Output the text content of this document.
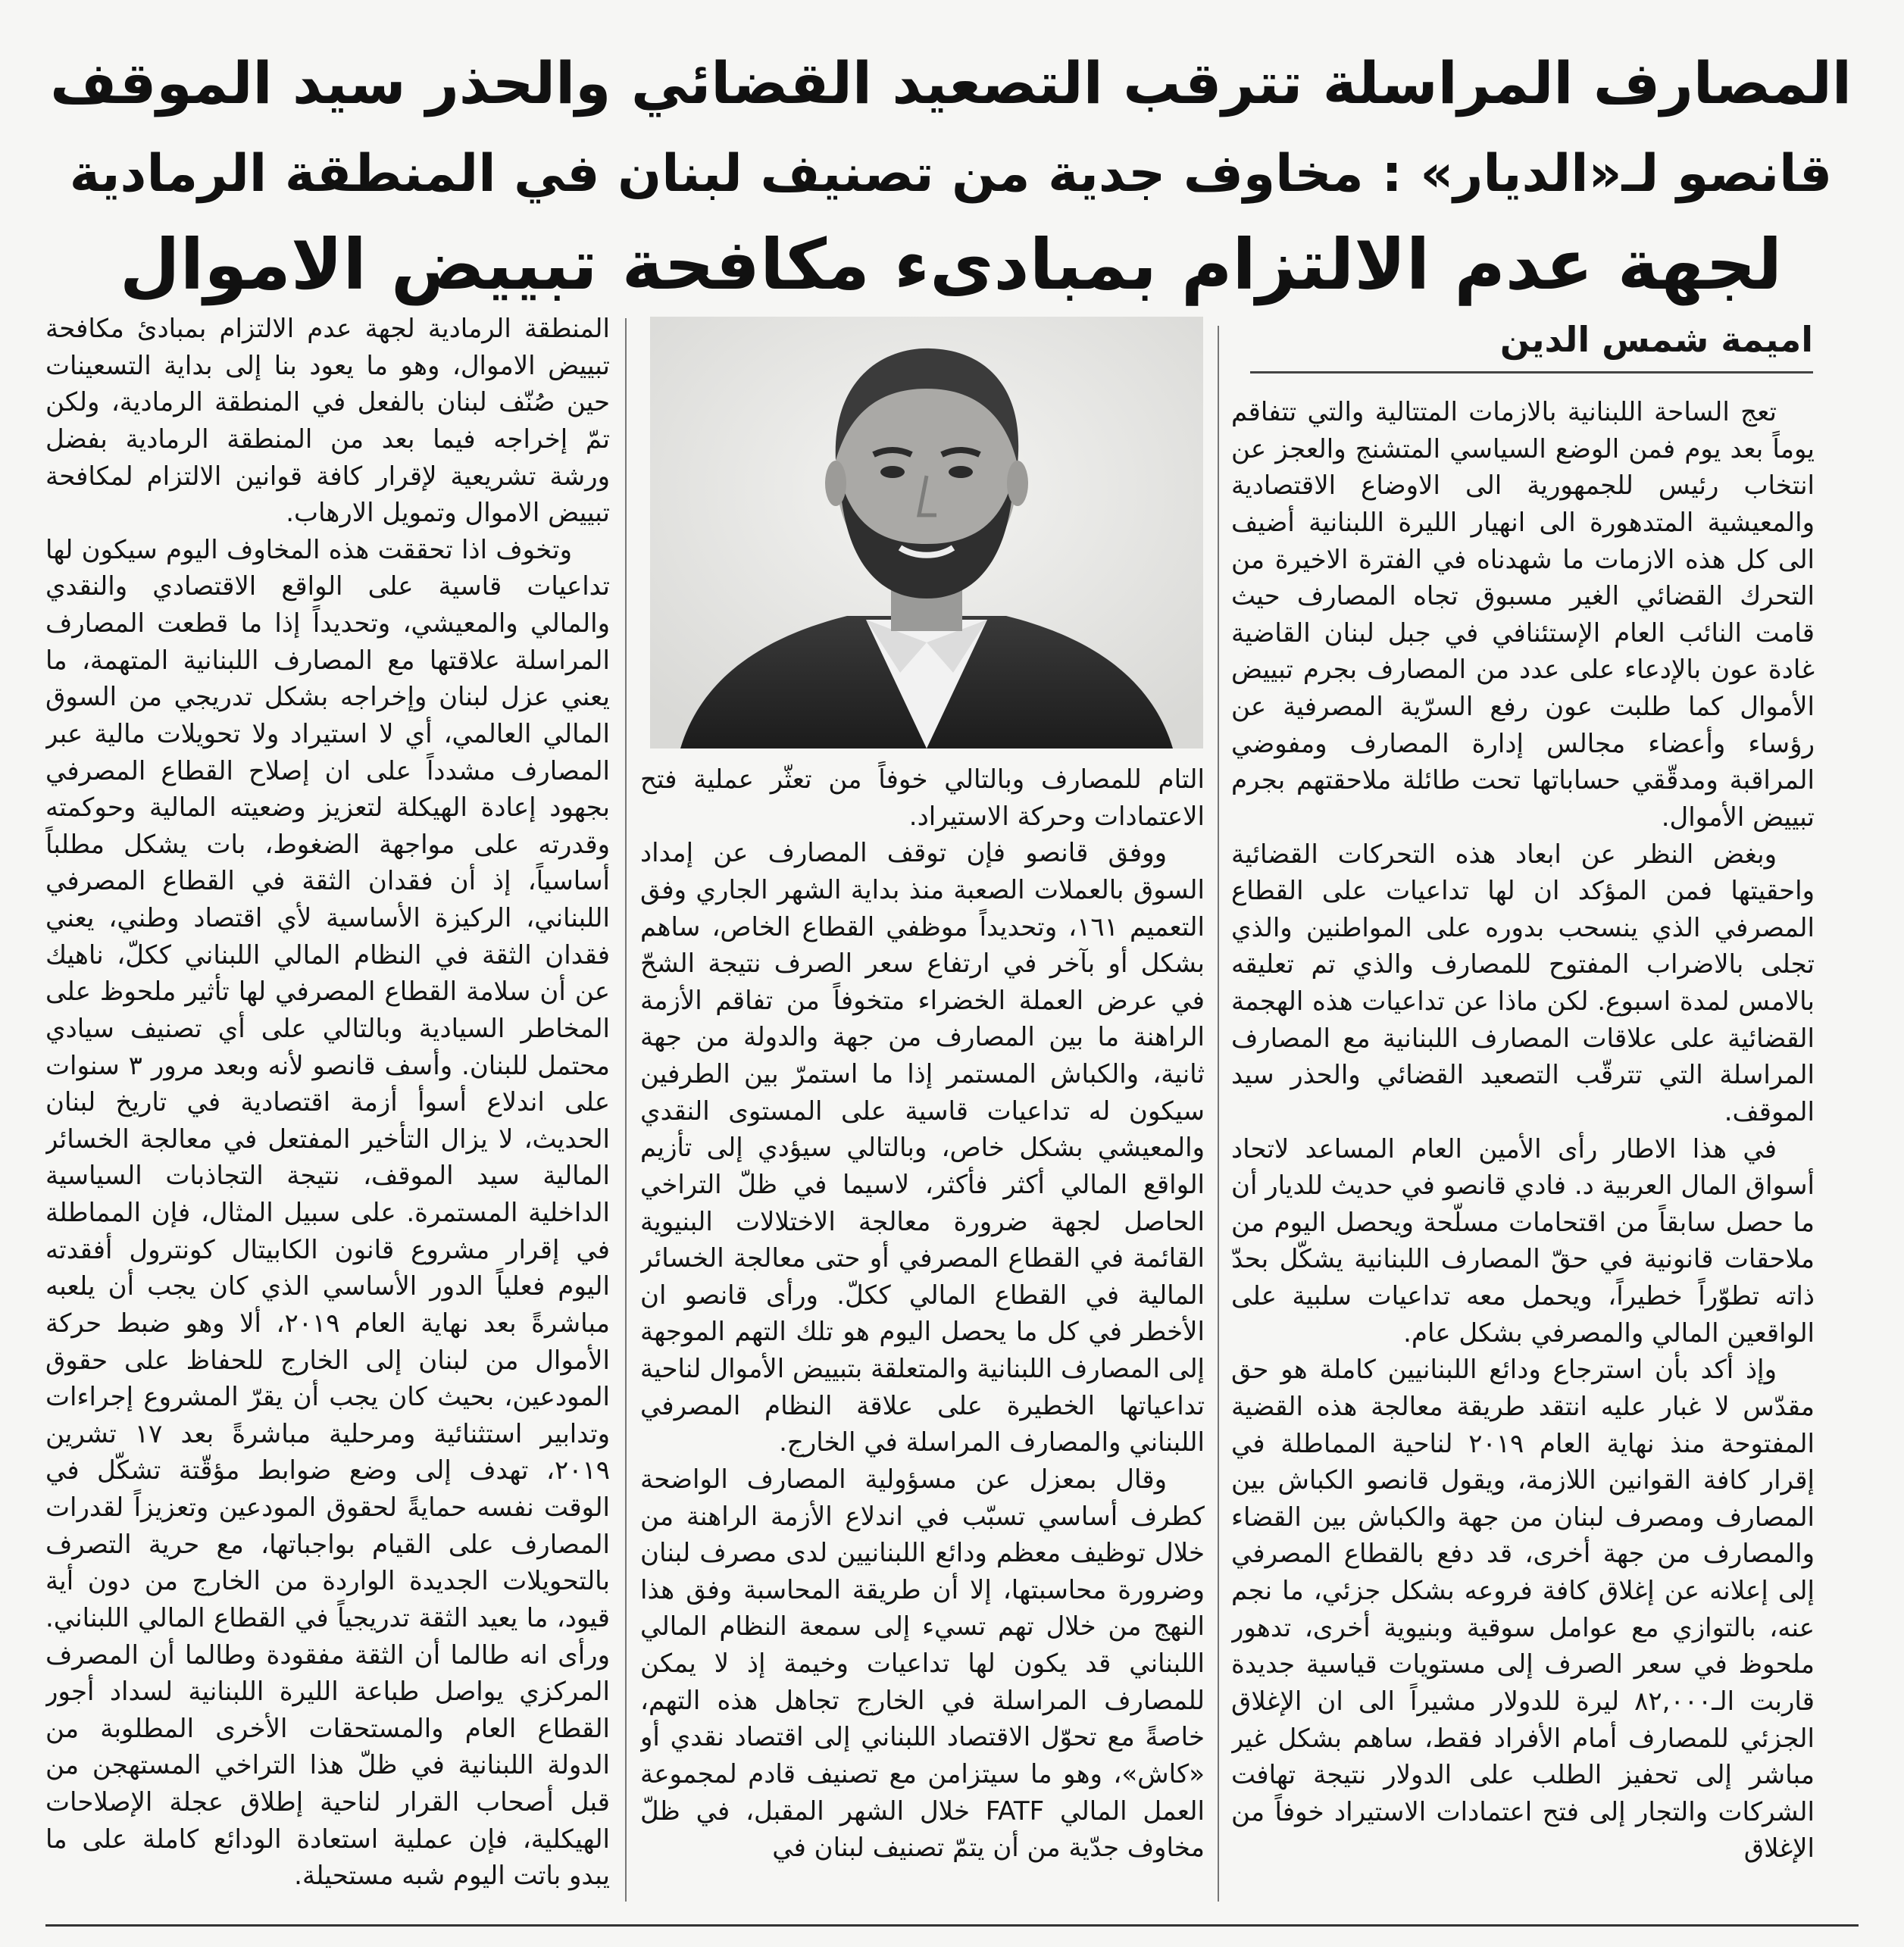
المصارف المراسلة تترقب التصعيد القضائي والحذر سيد الموقف
قانصو لـ«الديار» : مخاوف جدية من تصنيف لبنان في المنطقة الرمادية
لجهة عدم الالتزام بمبادىء مكافحة تبييض الاموال
اميمة شمس الدين

تعج الساحة اللبنانية بالازمات المتتالية والتي تتفاقم يوماً بعد يوم فمن الوضع السياسي المتشنج والعجز عن انتخاب رئيس للجمهورية الى الاوضاع الاقتصادية والمعيشية المتدهورة الى انهيار الليرة اللبنانية أضيف الى كل هذه الازمات ما شهدناه في الفترة الاخيرة من التحرك القضائي الغير مسبوق تجاه المصارف حيث قامت النائب العام الإستئنافي في جبل لبنان القاضية غادة عون بالإدعاء على عدد من المصارف بجرم تبييض الأموال كما طلبت عون رفع السرّية المصرفية عن رؤساء وأعضاء مجالس إدارة المصارف ومفوضي المراقبة ومدقّقي حساباتها تحت طائلة ملاحقتهم بجرم تبييض الأموال.

وبغض النظر عن ابعاد هذه التحركات القضائية واحقيتها فمن المؤكد ان لها تداعيات على القطاع المصرفي الذي ينسحب بدوره على المواطنين والذي تجلى بالاضراب المفتوح للمصارف والذي تم تعليقه بالامس لمدة اسبوع. لكن ماذا عن تداعيات هذه الهجمة القضائية على علاقات المصارف اللبنانية مع المصارف المراسلة التي تترقّب التصعيد القضائي والحذر سيد الموقف.

في هذا الاطار رأى الأمين العام المساعد لاتحاد أسواق المال العربية د. فادي قانصو في حديث للديار أن ما حصل سابقاً من اقتحامات مسلّحة ويحصل اليوم من ملاحقات قانونية في حقّ المصارف اللبنانية يشكّل بحدّ ذاته تطوّراً خطيراً، ويحمل معه تداعيات سلبية على الواقعين المالي والمصرفي بشكل عام.

وإذ أكد بأن استرجاع ودائع اللبنانيين كاملة هو حق مقدّس لا غبار عليه انتقد طريقة معالجة هذه القضية المفتوحة منذ نهاية العام ٢٠١٩ لناحية المماطلة في إقرار كافة القوانين اللازمة، ويقول قانصو الكباش بين المصارف ومصرف لبنان من جهة والكباش بين القضاء والمصارف من جهة أخرى، قد دفع بالقطاع المصرفي إلى إعلانه عن إغلاق كافة فروعه بشكل جزئي، ما نجم عنه، بالتوازي مع عوامل سوقية وبنيوية أخرى، تدهور ملحوظ في سعر الصرف إلى مستويات قياسية جديدة قاربت الـ٨٢,٠٠٠ ليرة للدولار مشيراً الى ان الإغلاق الجزئي للمصارف أمام الأفراد فقط، ساهم بشكل غير مباشر إلى تحفيز الطلب على الدولار نتيجة تهافت الشركات والتجار إلى فتح اعتمادات الاستيراد خوفاً من الإغلاق

التام للمصارف وبالتالي خوفاً من تعثّر عملية فتح الاعتمادات وحركة الاستيراد.

ووفق قانصو فإن توقف المصارف عن إمداد السوق بالعملات الصعبة منذ بداية الشهر الجاري وفق التعميم ١٦١، وتحديداً موظفي القطاع الخاص، ساهم بشكل أو بآخر في ارتفاع سعر الصرف نتيجة الشحّ في عرض العملة الخضراء متخوفاً من تفاقم الأزمة الراهنة ما بين المصارف من جهة والدولة من جهة ثانية، والكباش المستمر إذا ما استمرّ بين الطرفين سيكون له تداعيات قاسية على المستوى النقدي والمعيشي بشكل خاص، وبالتالي سيؤدي إلى تأزيم الواقع المالي أكثر فأكثر، لاسيما في ظلّ التراخي الحاصل لجهة ضرورة معالجة الاختلالات البنيوية القائمة في القطاع المصرفي أو حتى معالجة الخسائر المالية في القطاع المالي ككلّ. ورأى قانصو ان الأخطر في كل ما يحصل اليوم هو تلك التهم الموجهة إلى المصارف اللبنانية والمتعلقة بتبييض الأموال لناحية تداعياتها الخطيرة على علاقة النظام المصرفي اللبناني والمصارف المراسلة في الخارج.

وقال بمعزل عن مسؤولية المصارف الواضحة كطرف أساسي تسبّب في اندلاع الأزمة الراهنة من خلال توظيف معظم ودائع اللبنانيين لدى مصرف لبنان وضرورة محاسبتها، إلا أن طريقة المحاسبة وفق هذا النهج من خلال تهم تسيء إلى سمعة النظام المالي اللبناني قد يكون لها تداعيات وخيمة إذ لا يمكن للمصارف المراسلة في الخارج تجاهل هذه التهم، خاصةً مع تحوّل الاقتصاد اللبناني إلى اقتصاد نقدي أو «كاش»، وهو ما سيتزامن مع تصنيف قادم لمجموعة العمل المالي FATF خلال الشهر المقبل، في ظلّ مخاوف جدّية من أن يتمّ تصنيف لبنان في

المنطقة الرمادية لجهة عدم الالتزام بمبادئ مكافحة تبييض الاموال، وهو ما يعود بنا إلى بداية التسعينات حين صُنّف لبنان بالفعل في المنطقة الرمادية، ولكن تمّ إخراجه فيما بعد من المنطقة الرمادية بفضل ورشة تشريعية لإقرار كافة قوانين الالتزام لمكافحة تبييض الاموال وتمويل الارهاب.

وتخوف اذا تحققت هذه المخاوف اليوم سيكون لها تداعيات قاسية على الواقع الاقتصادي والنقدي والمالي والمعيشي، وتحديداً إذا ما قطعت المصارف المراسلة علاقتها مع المصارف اللبنانية المتهمة، ما يعني عزل لبنان وإخراجه بشكل تدريجي من السوق المالي العالمي، أي لا استيراد ولا تحويلات مالية عبر المصارف مشدداً على ان إصلاح القطاع المصرفي بجهود إعادة الهيكلة لتعزيز وضعيته المالية وحوكمته وقدرته على مواجهة الضغوط، بات يشكل مطلباً أساسياً، إذ أن فقدان الثقة في القطاع المصرفي اللبناني، الركيزة الأساسية لأي اقتصاد وطني، يعني فقدان الثقة في النظام المالي اللبناني ككلّ، ناهيك عن أن سلامة القطاع المصرفي لها تأثير ملحوظ على المخاطر السيادية وبالتالي على أي تصنيف سيادي محتمل للبنان. وأسف قانصو لأنه وبعد مرور ٣ سنوات على اندلاع أسوأ أزمة اقتصادية في تاريخ لبنان الحديث، لا يزال التأخير المفتعل في معالجة الخسائر المالية سيد الموقف، نتيجة التجاذبات السياسية الداخلية المستمرة. على سبيل المثال، فإن المماطلة في إقرار مشروع قانون الكابيتال كونترول أفقدته اليوم فعلياً الدور الأساسي الذي كان يجب أن يلعبه مباشرةً بعد نهاية العام ٢٠١٩، ألا وهو ضبط حركة الأموال من لبنان إلى الخارج للحفاظ على حقوق المودعين، بحيث كان يجب أن يقرّ المشروع إجراءات وتدابير استثنائية ومرحلية مباشرةً بعد ١٧ تشرين ٢٠١٩، تهدف إلى وضع ضوابط مؤقّتة تشكّل في الوقت نفسه حمايةً لحقوق المودعين وتعزيزاً لقدرات المصارف على القيام بواجباتها، مع حرية التصرف بالتحويلات الجديدة الواردة من الخارج من دون أية قيود، ما يعيد الثقة تدريجياً في القطاع المالي اللبناني. ورأى انه طالما أن الثقة مفقودة وطالما أن المصرف المركزي يواصل طباعة الليرة اللبنانية لسداد أجور القطاع العام والمستحقات الأخرى المطلوبة من الدولة اللبنانية في ظلّ هذا التراخي المستهجن من قبل أصحاب القرار لناحية إطلاق عجلة الإصلاحات الهيكلية، فإن عملية استعادة الودائع كاملة على ما يبدو باتت اليوم شبه مستحيلة.
